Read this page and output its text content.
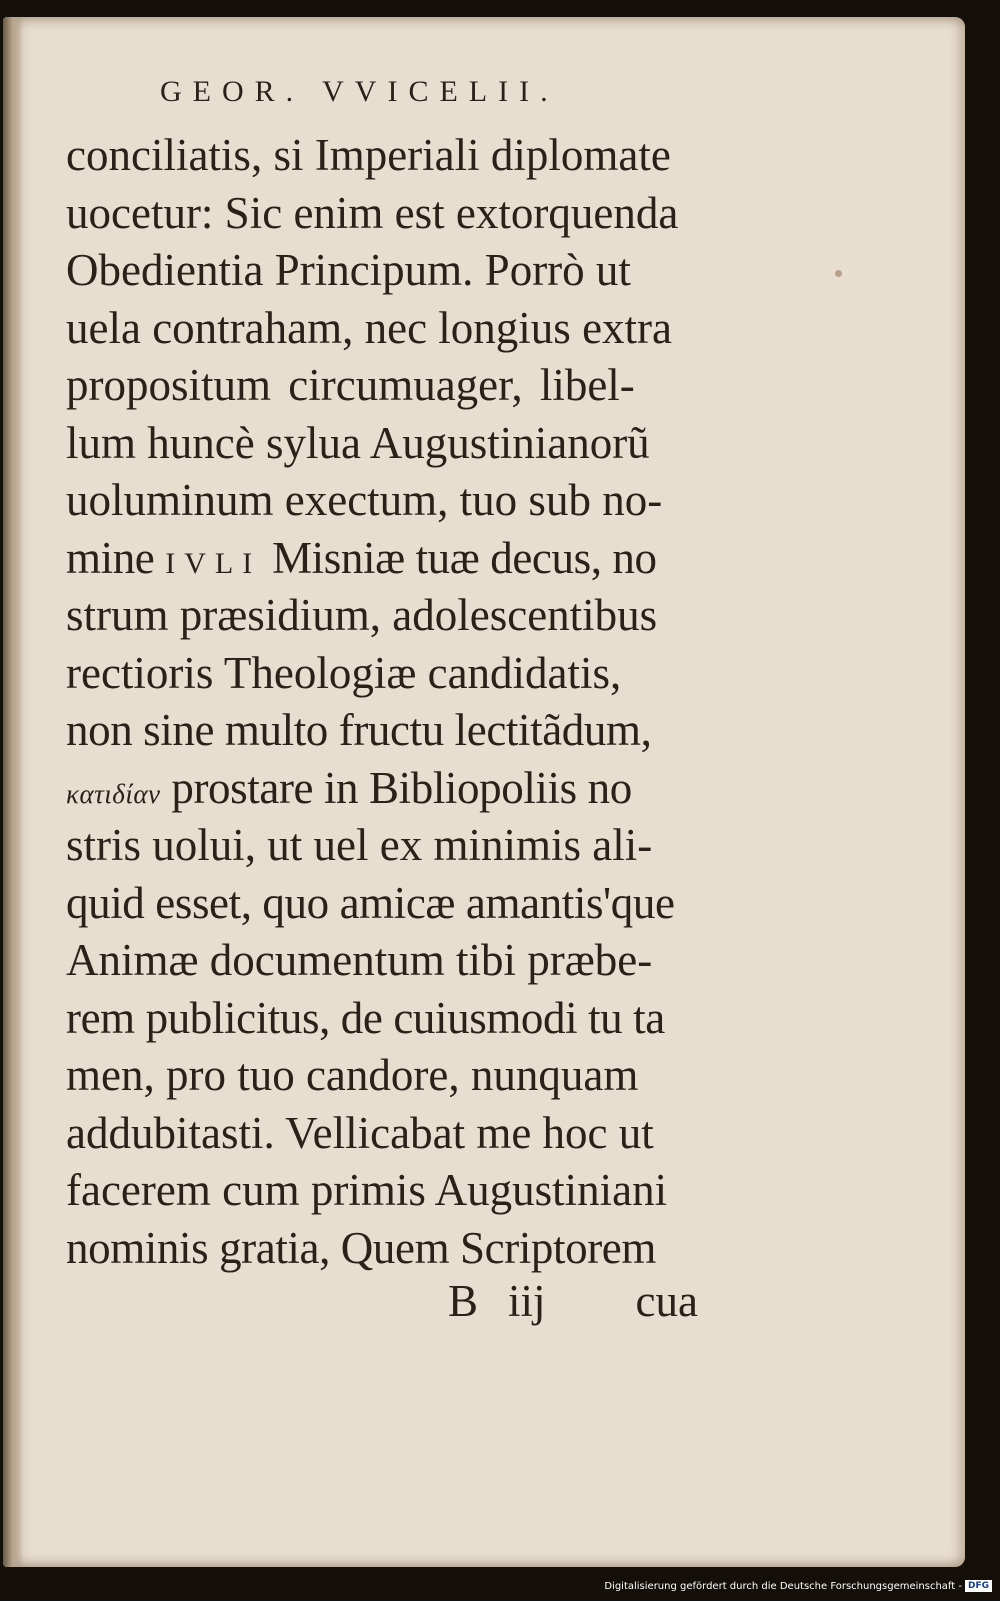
GEOR. VVICELII.
conciliatis, si Imperiali diplomate
uocetur: Sic enim est extorquenda
Obedientia Principum. Porrò ut
uela contraham, nec longius extra
propositum circumuager, libel-
lum huncè sylua Augustinianorũ
uoluminum exectum, tuo sub no-
mine IVLI Misniæ tuæ decus, no
strum præsidium, adolescentibus
rectioris Theologiæ candidatis,
non sine multo fructu lectitãdum,
κατιδίαν prostare in Bibliopoliis no
stris uolui, ut uel ex minimis ali-
quid esset, quo amicæ amantis'que
Animæ documentum tibi præbe-
rem publicitus, de cuiusmodi tu ta
men, pro tuo candore, nunquam
addubitasti. Vellicabat me hoc ut
facerem cum primis Augustiniani
nominis gratia, Quem Scriptorem
B iij cua
Digitalisierung gefördert durch die Deutsche Forschungsgemeinschaft - DFG
